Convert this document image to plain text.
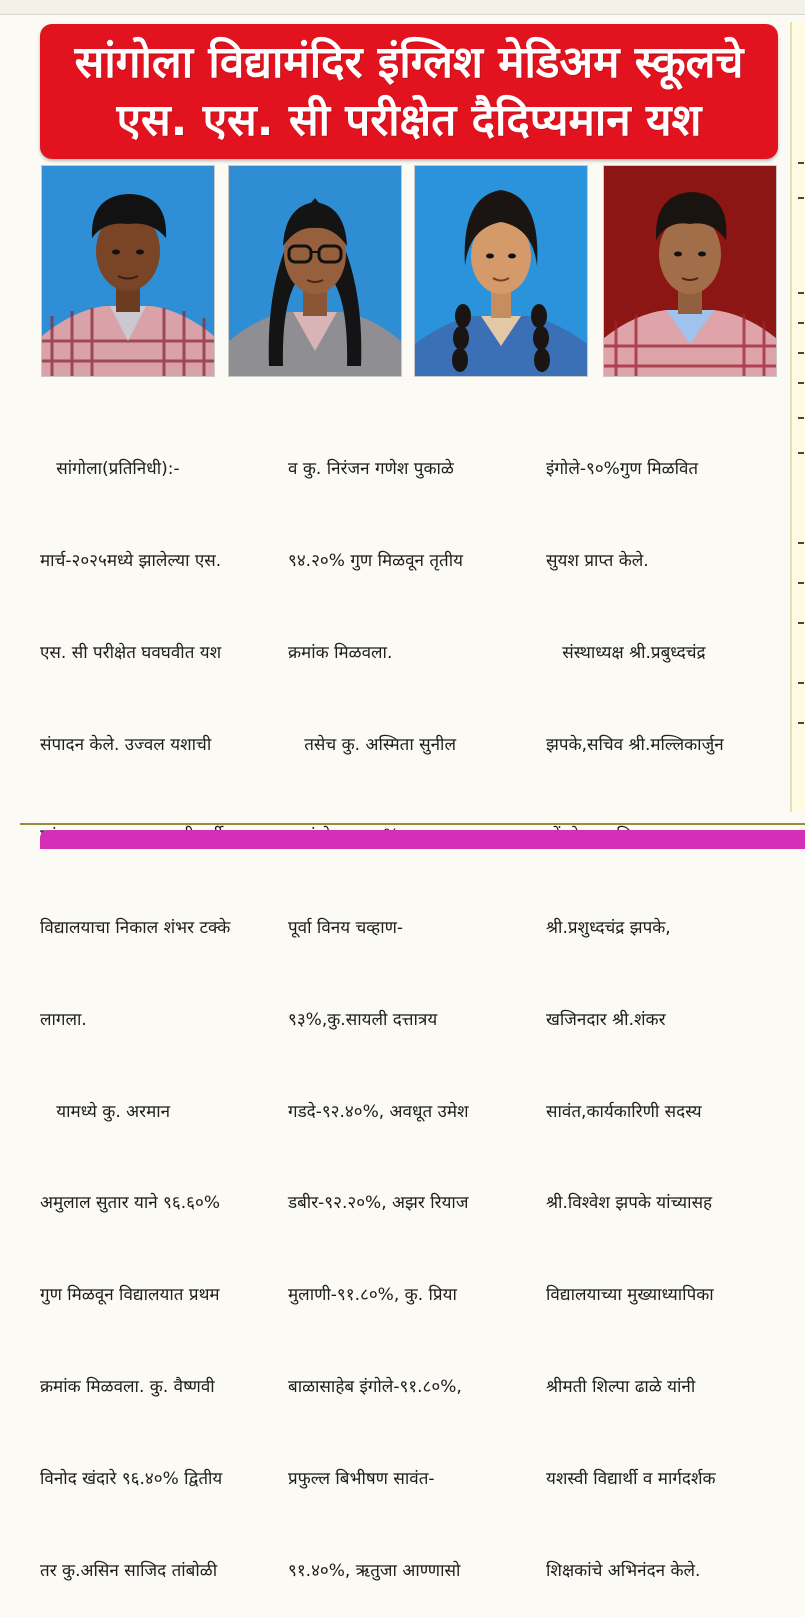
सांगोला विद्यामंदिर इंग्लिश मेडिअम स्कूलचे
एस. एस. सी परीक्षेत दैदिप्यमान यश

सांगोला(प्रतिनिधी):-

मार्च-२०२५मध्ये झालेल्या एस.

एस. सी परीक्षेत घवघवीत यश

संपादन केले. उज्वल यशाची

विद्यालयाचा निकाल शंभर टक्के

लागला.

यामध्ये कु. अरमान

अमुलाल सुतार याने ९६.६०%

गुण मिळवून विद्यालयात प्रथम

क्रमांक मिळवला. कु. वैष्णवी

विनोद खंदारे ९६.४०% द्वितीय

तर कु.असिन साजिद तांबोळी

व कु. निरंजन गणेश पुकाळे

९४.२०% गुण मिळवून तृतीय

क्रमांक मिळवला.

तसेच कु. अस्मिता सुनील

पूर्वा विनय चव्हाण-

९३%,कु.सायली दत्तात्रय

गडदे-९२.४०%, अवधूत उमेश

डबीर-९२.२०%, अझर रियाज

मुलाणी-९१.८०%, कु. प्रिया

बाळासाहेब इंगोले-९१.८०%,

प्रफुल्ल बिभीषण सावंत-

९१.४०%, ऋतुजा आण्णासो

इंगोले-९०%गुण मिळवित

सुयश प्राप्त केले.

संस्थाध्यक्ष श्री.प्रबुध्दचंद्र

झपके,सचिव श्री.मल्लिकार्जुन

श्री.प्रशुध्दचंद्र झपके,

खजिनदार श्री.शंकर

सावंत,कार्यकारिणी सदस्य

श्री.विश्वेश झपके यांच्यासह

विद्यालयाच्या मुख्याध्यापिका

श्रीमती शिल्पा ढाळे यांनी

यशस्वी विद्यार्थी व मार्गदर्शक

शिक्षकांचे अभिनंदन केले.
